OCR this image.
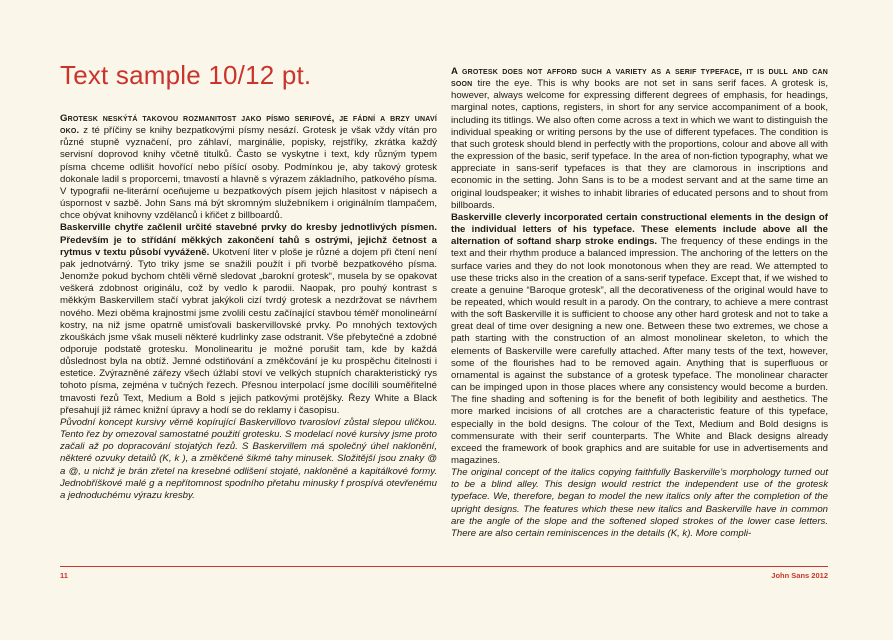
Text sample 10/12 pt.

Grotesk neskýtá takovou rozmanitost jako písmo serifové, je fádní a brzy unaví oko. z té příčiny se knihy bezpatkovými písmy nesází. Grotesk je však vždy vítán pro různé stupně vyznačení, pro záhlaví, marginálie, popisky, rejstříky, zkrátka každý servisní doprovod knihy včetně titulků. Často se vyskytne i text, kdy různým typem písma chceme odlišit hovořící nebo píšící osoby. Podmínkou je, aby takový grotesk dokonale ladil s proporcemi, tmavostí a hlavně s výrazem základního, patkového písma. V typografii ne-literární oceňujeme u bezpatkových písem jejich hlasitost v nápisech a úspornost v sazbě. John Sans má být skromným služebníkem i originálním tlampačem, chce obývat knihovny vzdělanců i křičet z billboardů.

Baskerville chytře začlenil určité stavebné prvky do kresby jednotlivých písmen. Především je to střídání měkkých zakončení tahů s ostrými, jejichž četnost a rytmus v textu působí vyváženě. Ukotvení liter v ploše je různé a dojem při čtení není pak jednotvárný. Tyto triky jsme se snažili použít i při tvorbě bezpatkového písma. Jenomže pokud bychom chtěli věrně sledovat „barokní grotesk“, musela by se opakovat veškerá zdobnost originálu, což by vedlo k parodii. Naopak, pro pouhý kontrast s měkkým Baskervillem stačí vybrat jakýkoli cizí tvrdý grotesk a nezdržovat se návrhem nového. Mezi oběma krajnostmi jsme zvolili cestu začínající stavbou téměř monolineární kostry, na niž jsme opatrně umisťovali baskervillovské prvky. Po mnohých textových zkouškách jsme však museli některé kudrlinky zase odstranit. Vše přebytečné a zdobné odporuje podstatě grotesku. Monolinearitu je možné porušit tam, kde by každá důslednost byla na obtíž. Jemné odstiňování a změkčování je ku prospěchu čitelnosti i estetice. Zvýrazněné zářezy všech úžlabí stoví ve velkých stupních charakteristický rys tohoto písma, zejména v tučných řezech. Přesnou interpolací jsme docílili souměřitelné tmavosti řezů Text, Medium a Bold s jejich patkovými protějšky. Řezy White a Black přesahují již rámec knižní úpravy a hodí se do reklamy i časopisu.

Původní koncept kursivy věrně kopírující Baskervillovo tvarosloví zůstal slepou uličkou. Tento řez by omezoval samostatné použití grotesku. S modelací nové kursivy jsme proto začali až po dopracování stojatých řezů. S Baskervillem má společný úhel naklonění, některé ozvuky detailů (K, k ), a změkčené šikmé tahy minusek. Složitější jsou znaky @ a @, u nichž je brán zřetel na kresebné odlišení stojaté, nakloněné a kapitálkové formy. Jednobříškové malé g a nepřítomnost spodního přetahu minusky f prospívá otevřenému a jednoduchému výrazu kresby.

A grotesk does not afford such a variety as a serif typeface, it is dull and can soon tire the eye. This is why books are not set in sans serif faces. A grotesk is, however, always welcome for expressing different degrees of emphasis, for headings, marginal notes, captions, registers, in short for any service accompaniment of a book, including its titlings. We also often come across a text in which we want to distinguish the individual speaking or writing persons by the use of different typefaces. The condition is that such grotesk should blend in perfectly with the proportions, colour and above all with the expression of the basic, serif typeface. In the area of non-fiction typography, what we appreciate in sans-serif typefaces is that they are clamorous in inscriptions and economic in the setting. John Sans is to be a modest servant and at the same time an original loudspeaker; it wishes to inhabit libraries of educated persons and to shout from billboards.

Baskerville cleverly incorporated certain constructional elements in the design of the individual letters of his typeface. These elements include above all the alternation of softand sharp stroke endings. The frequency of these endings in the text and their rhythm produce a balanced impression. The anchoring of the letters on the surface varies and they do not look monotonous when they are read. We attempted to use these tricks also in the creation of a sans-serif typeface. Except that, if we wished to create a genuine “Baroque grotesk”, all the decorativeness of the original would have to be repeated, which would result in a parody. On the contrary, to achieve a mere contrast with the soft Baskerville it is sufficient to choose any other hard grotesk and not to take a great deal of time over designing a new one. Between these two extremes, we chose a path starting with the construction of an almost monolinear skeleton, to which the elements of Baskerville were carefully attached. After many tests of the text, however, some of the flourishes had to be removed again. Anything that is superfluous or ornamental is against the substance of a grotesk typeface. The monolinear character can be impinged upon in those places where any consistency would become a burden. The fine shading and softening is for the benefit of both legibility and aesthetics. The more marked incisions of all crotches are a characteristic feature of this typeface, especially in the bold designs. The colour of the Text, Medium and Bold designs is commensurate with their serif counterparts. The White and Black designs already exceed the framework of book graphics and are suitable for use in advertisements and magazines.

The original concept of the italics copying faithfully Baskerville’s morphology turned out to be a blind alley. This design would restrict the independent use of the grotesk typeface. We, therefore, began to model the new italics only after the completion of the upright designs. The features which these new italics and Baskerville have in common are the angle of the slope and the softened sloped strokes of the lower case letters. There are also certain reminiscences in the details (K, k). More compli-

11	John Sans 2012
